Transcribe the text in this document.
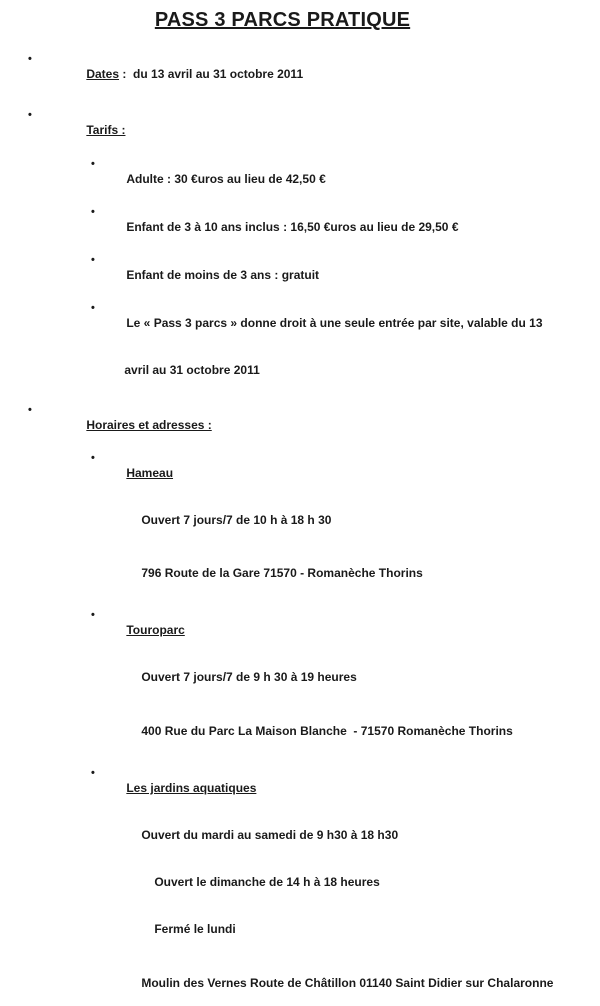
PASS 3 PARCS PRATIQUE

•
Dates :  du 13 avril au 31 octobre 2011

•
Tarifs :

•
Adulte : 30 €uros au lieu de 42,50 €

•
Enfant de 3 à 10 ans inclus : 16,50 €uros au lieu de 29,50 €

•
Enfant de moins de 3 ans : gratuit

•
Le « Pass 3 parcs » donne droit à une seule entrée par site, valable du 13

avril au 31 octobre 2011

•
Horaires et adresses :

•
Hameau

Ouvert 7 jours/7 de 10 h à 18 h 30

796 Route de la Gare 71570 - Romanèche Thorins

•
Touroparc

Ouvert 7 jours/7 de 9 h 30 à 19 heures

400 Rue du Parc La Maison Blanche  - 71570 Romanèche Thorins

•
Les jardins aquatiques

Ouvert du mardi au samedi de 9 h30 à 18 h30

Ouvert le dimanche de 14 h à 18 heures

Fermé le lundi

Moulin des Vernes Route de Châtillon 01140 Saint Didier sur Chalaronne
